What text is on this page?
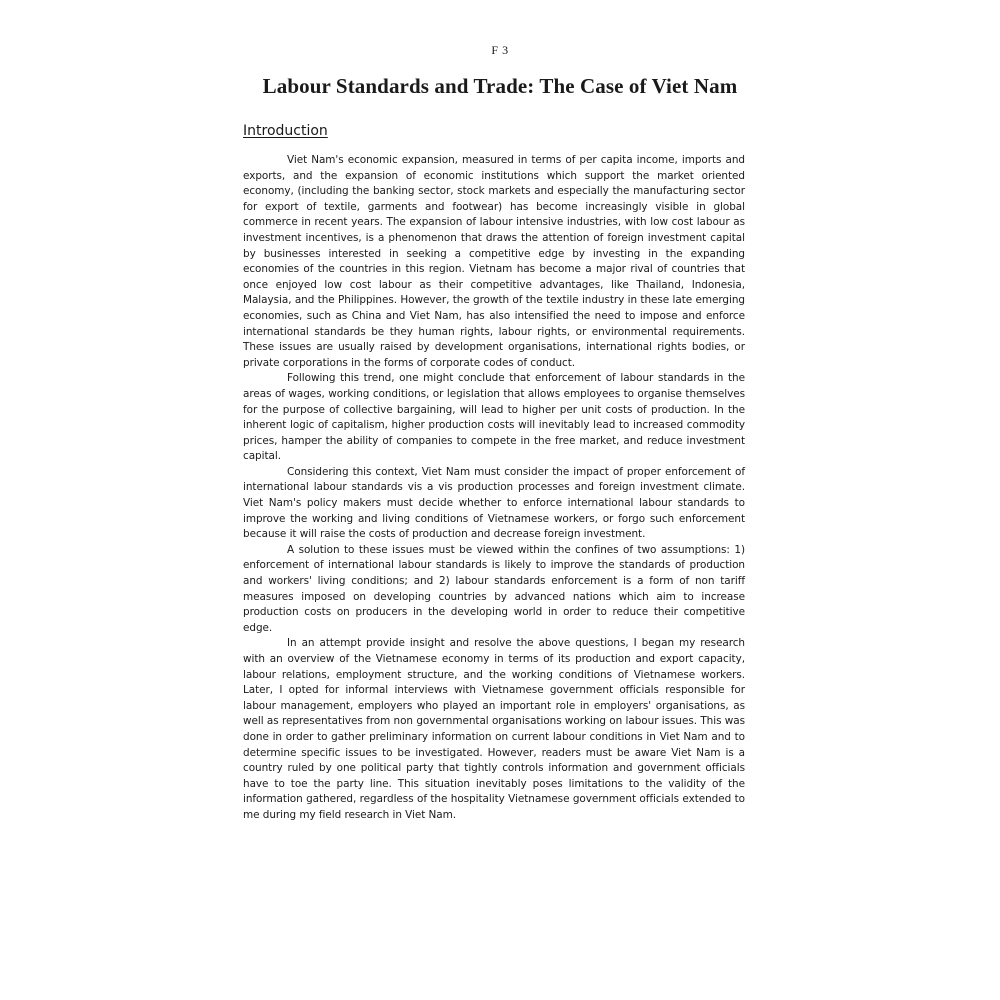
F 3
Labour Standards and Trade: The Case of Viet Nam
Introduction

Viet Nam's economic expansion, measured in terms of per capita income, imports and exports, and the expansion of economic institutions which support the market oriented economy, (including the banking sector, stock markets and especially the manufacturing sector for export of textile, garments and footwear) has become increasingly visible in global commerce in recent years. The expansion of labour intensive industries, with low cost labour as investment incentives, is a phenomenon that draws the attention of foreign investment capital by businesses interested in seeking a competitive edge by investing in the expanding economies of the countries in this region. Vietnam has become a major rival of countries that once enjoyed low cost labour as their competitive advantages, like Thailand, Indonesia, Malaysia, and the Philippines. However, the growth of the textile industry in these late emerging economies, such as China and Viet Nam, has also intensified the need to impose and enforce international standards be they human rights, labour rights, or environmental requirements. These issues are usually raised by development organisations, international rights bodies, or private corporations in the forms of corporate codes of conduct.

Following this trend, one might conclude that enforcement of labour standards in the areas of wages, working conditions, or legislation that allows employees to organise themselves for the purpose of collective bargaining, will lead to higher per unit costs of production. In the inherent logic of capitalism, higher production costs will inevitably lead to increased commodity prices, hamper the ability of companies to compete in the free market, and reduce investment capital.

Considering this context, Viet Nam must consider the impact of proper enforcement of international labour standards vis a vis production processes and foreign investment climate. Viet Nam's policy makers must decide whether to enforce international labour standards to improve the working and living conditions of Vietnamese workers, or forgo such enforcement because it will raise the costs of production and decrease foreign investment.

A solution to these issues must be viewed within the confines of two assumptions: 1) enforcement of international labour standards is likely to improve the standards of production and workers' living conditions; and 2) labour standards enforcement is a form of non tariff measures imposed on developing countries by advanced nations which aim to increase production costs on producers in the developing world in order to reduce their competitive edge.

In an attempt provide insight and resolve the above questions, I began my research with an overview of the Vietnamese economy in terms of its production and export capacity, labour relations, employment structure, and the working conditions of Vietnamese workers. Later, I opted for informal interviews with Vietnamese government officials responsible for labour management, employers who played an important role in employers' organisations, as well as representatives from non governmental organisations working on labour issues. This was done in order to gather preliminary information on current labour conditions in Viet Nam and to determine specific issues to be investigated. However, readers must be aware Viet Nam is a country ruled by one political party that tightly controls information and government officials have to toe the party line. This situation inevitably poses limitations to the validity of the information gathered, regardless of the hospitality Vietnamese government officials extended to me during my field research in Viet Nam.
